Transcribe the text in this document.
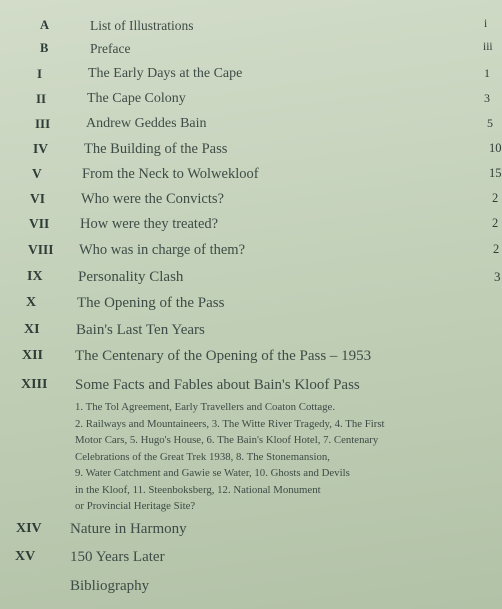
A	List of Illustrations	i
B	Preface	iii
I	The Early Days at the Cape	1
II	The Cape Colony	3
III	Andrew Geddes Bain	5
IV The Building of the Pass	10
V	From the Neck to Wolwekloof	15
VI Who were the Convicts?	2
VII How were they treated?	2
VIII Who was in charge of them?	2
IX Personality Clash	3
X	The Opening of the Pass
XI Bain's Last Ten Years
XII The Centenary of the Opening of the Pass – 1953
XIII Some Facts and Fables about Bain's Kloof Pass
XIV Nature in Harmony
XV 150 Years Later
Bibliography
1. The Tol Agreement, Early Travellers and Coaton Cottage.
2. Railways and Mountaineers, 3. The Witte River Tragedy, 4. The First
Motor Cars, 5. Hugo's House, 6. The Bain's Kloof Hotel, 7. Centenary
Celebrations of the Great Trek 1938, 8. The Stonemansion,
9. Water Catchment and Gawie se Water, 10. Ghosts and Devils
in the Kloof, 11. Steenboksberg, 12. National Monument
or Provincial Heritage Site?
